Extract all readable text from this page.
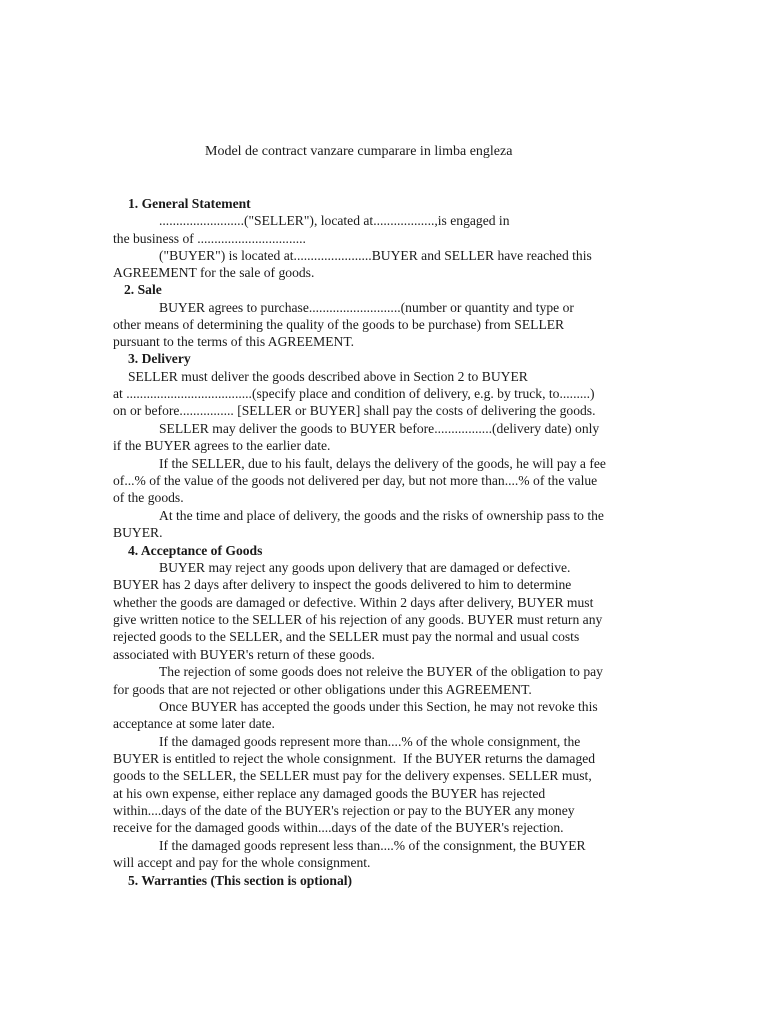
Model de contract vanzare cumparare in limba engleza
1. General Statement
.........................("SELLER"), located at..................,is engaged in
the business of ................................
("BUYER") is located at.......................BUYER and SELLER have reached this
AGREEMENT for the sale of goods.
2. Sale
BUYER agrees to purchase...........................(number or quantity and type or
other means of determining the quality of the goods to be purchase) from SELLER
pursuant to the terms of this AGREEMENT.
3. Delivery
SELLER must deliver the goods described above in Section 2 to BUYER
at .....................................(specify place and condition of delivery, e.g. by truck, to.........)
on or before................ [SELLER or BUYER] shall pay the costs of delivering the goods.
SELLER may deliver the goods to BUYER before.................(delivery date) only
if the BUYER agrees to the earlier date.
If the SELLER, due to his fault, delays the delivery of the goods, he will pay a fee
of...% of the value of the goods not delivered per day, but not more than....% of the value
of the goods.
At the time and place of delivery, the goods and the risks of ownership pass to the
BUYER.
4. Acceptance of Goods
BUYER may reject any goods upon delivery that are damaged or defective.
BUYER has 2 days after delivery to inspect the goods delivered to him to determine
whether the goods are damaged or defective. Within 2 days after delivery, BUYER must
give written notice to the SELLER of his rejection of any goods. BUYER must return any
rejected goods to the SELLER, and the SELLER must pay the normal and usual costs
associated with BUYER's return of these goods.
The rejection of some goods does not releive the BUYER of the obligation to pay
for goods that are not rejected or other obligations under this AGREEMENT.
Once BUYER has accepted the goods under this Section, he may not revoke this
acceptance at some later date.
If the damaged goods represent more than....% of the whole consignment, the
BUYER is entitled to reject the whole consignment.  If the BUYER returns the damaged
goods to the SELLER, the SELLER must pay for the delivery expenses. SELLER must,
at his own expense, either replace any damaged goods the BUYER has rejected
within....days of the date of the BUYER's rejection or pay to the BUYER any money
receive for the damaged goods within....days of the date of the BUYER's rejection.
If the damaged goods represent less than....% of the consignment, the BUYER
will accept and pay for the whole consignment.
5. Warranties (This section is optional)
